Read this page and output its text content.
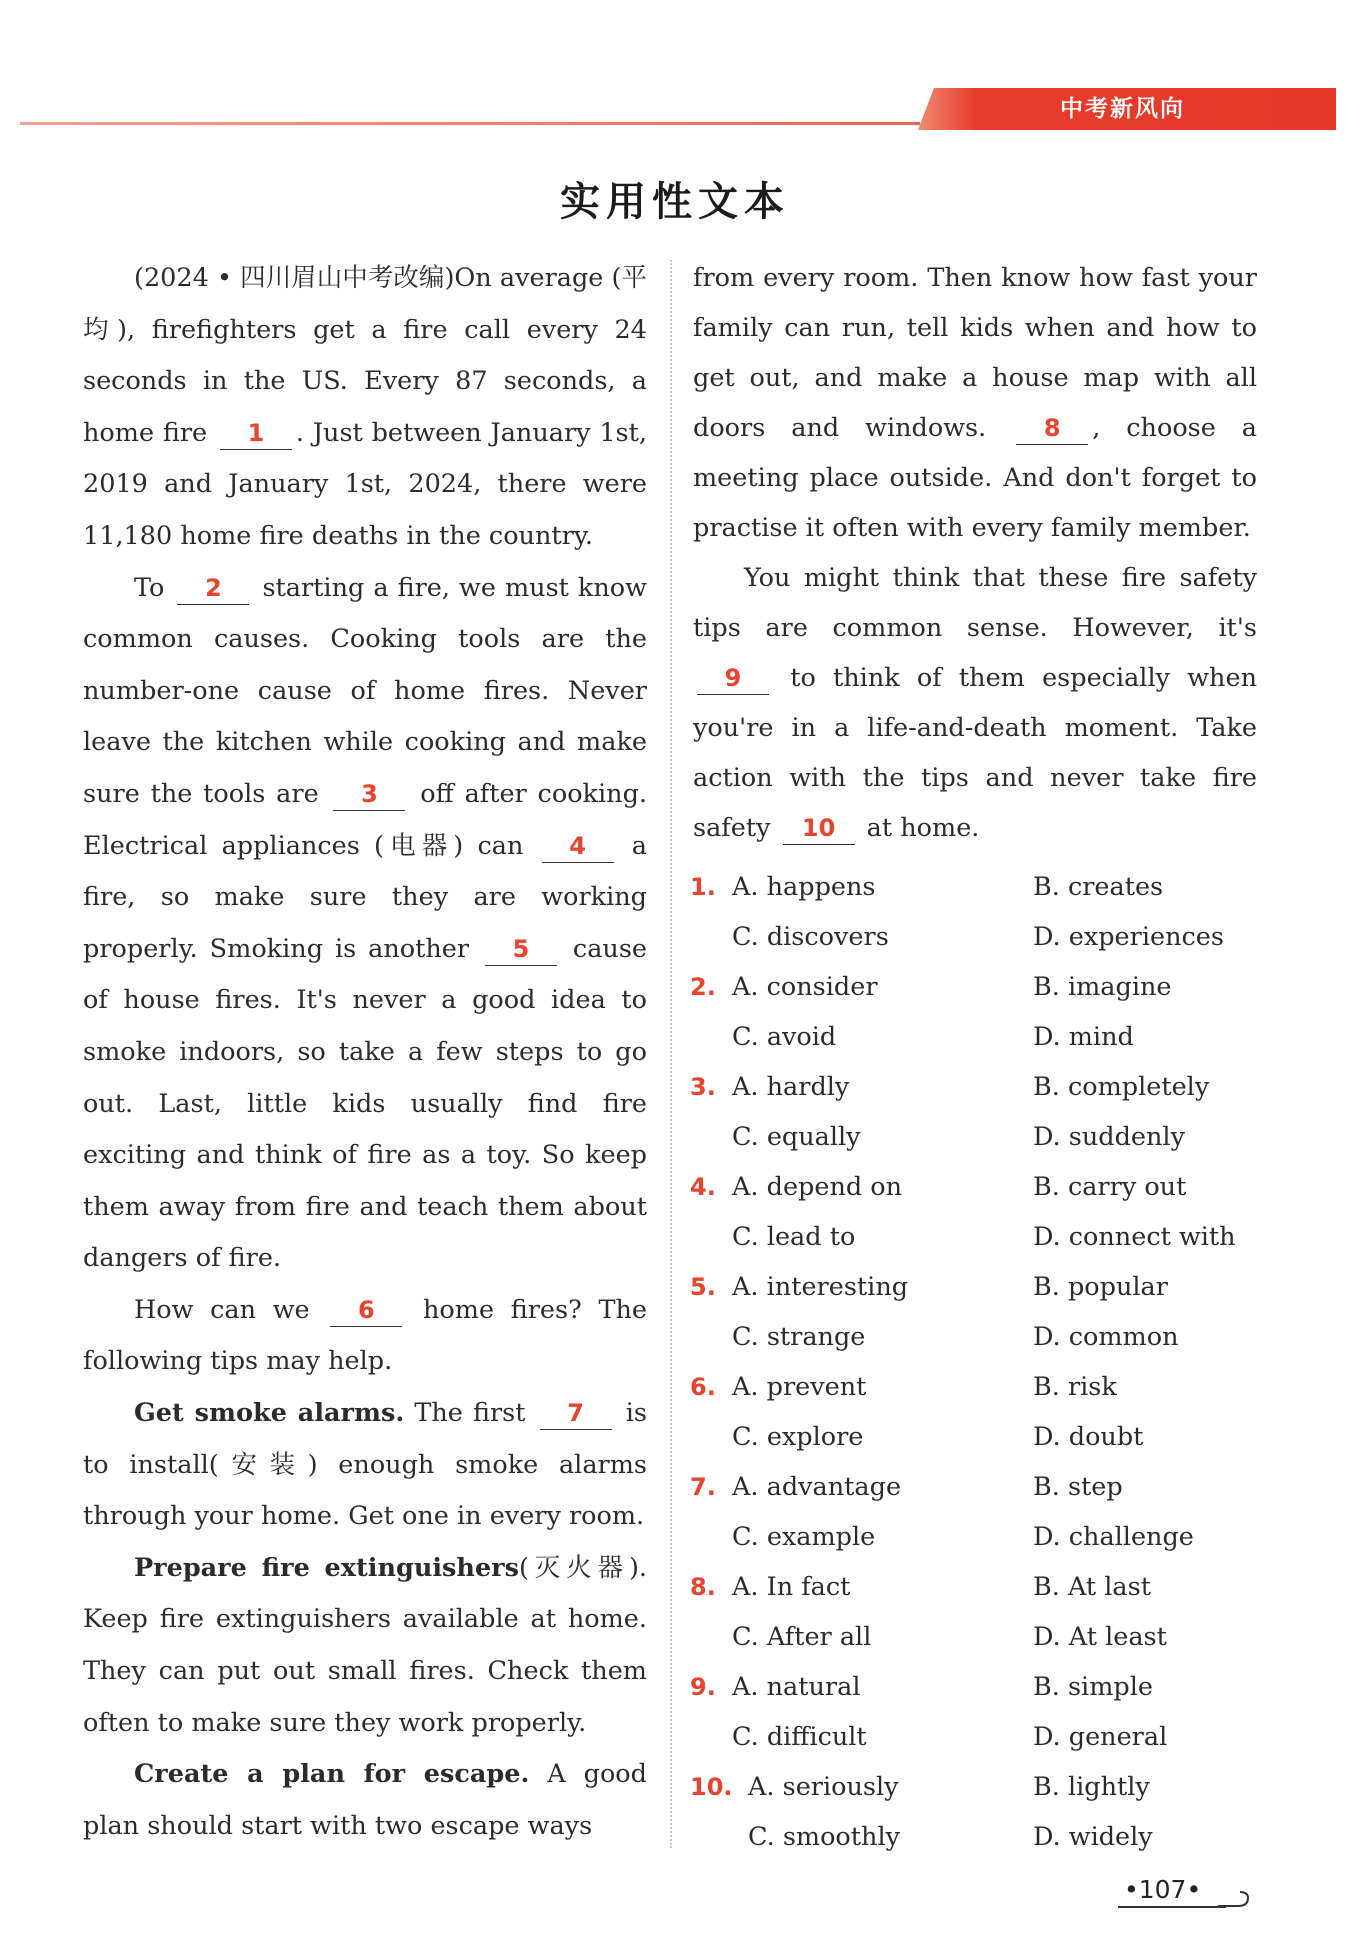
中考新风向
实用性文本

(2024 • 四川眉山中考改编)On average (平均), firefighters get a fire call every 24 seconds in the US. Every 87 seconds, a home fire 1 . Just between January 1st, 2019 and January 1st, 2024, there were 11,180 home fire deaths in the country.

To 2 starting a fire, we must know common causes. Cooking tools are the number-one cause of home fires. Never leave the kitchen while cooking and make sure the tools are 3 off after cooking. Electrical appliances (电器) can 4 a fire, so make sure they are working properly. Smoking is another 5 cause of house fires. It's never a good idea to smoke indoors, so take a few steps to go out. Last, little kids usually find fire exciting and think of fire as a toy. So keep them away from fire and teach them about dangers of fire.

How can we 6 home fires? The following tips may help.

Get smoke alarms. The first 7 is to install(安装) enough smoke alarms through your home. Get one in every room.

Prepare fire extinguishers(灭火器). Keep fire extinguishers available at home. They can put out small fires. Check them often to make sure they work properly.

Create a plan for escape. A good plan should start with two escape ways

1. A. happens	B. creates
C. discovers	D. experiences
2. A. consider	B. imagine
C. avoid	D. mind
3. A. hardly	B. completely
C. equally	D. suddenly
4. A. depend on	B. carry out
C. lead to	D. connect with
5. A. interesting	B. popular
C. strange	D. common
6. A. prevent	B. risk
C. explore	D. doubt
7. A. advantage	B. step
C. example	D. challenge
8. A. In fact	B. At last
C. After all	D. At least
9. A. natural	B. simple
C. difficult	D. general
10. A. seriously	B. lightly
C. smoothly	D. widely
•107•

from every room. Then know how fast your family can run, tell kids when and how to get out, and make a house map with all doors and windows. 8 , choose a meeting place outside. And don't forget to practise it often with every family member.

You might think that these fire safety tips are common sense. However, it's 9 to think of them especially when you're in a life-and-death moment. Take action with the tips and never take fire safety 10 at home.
